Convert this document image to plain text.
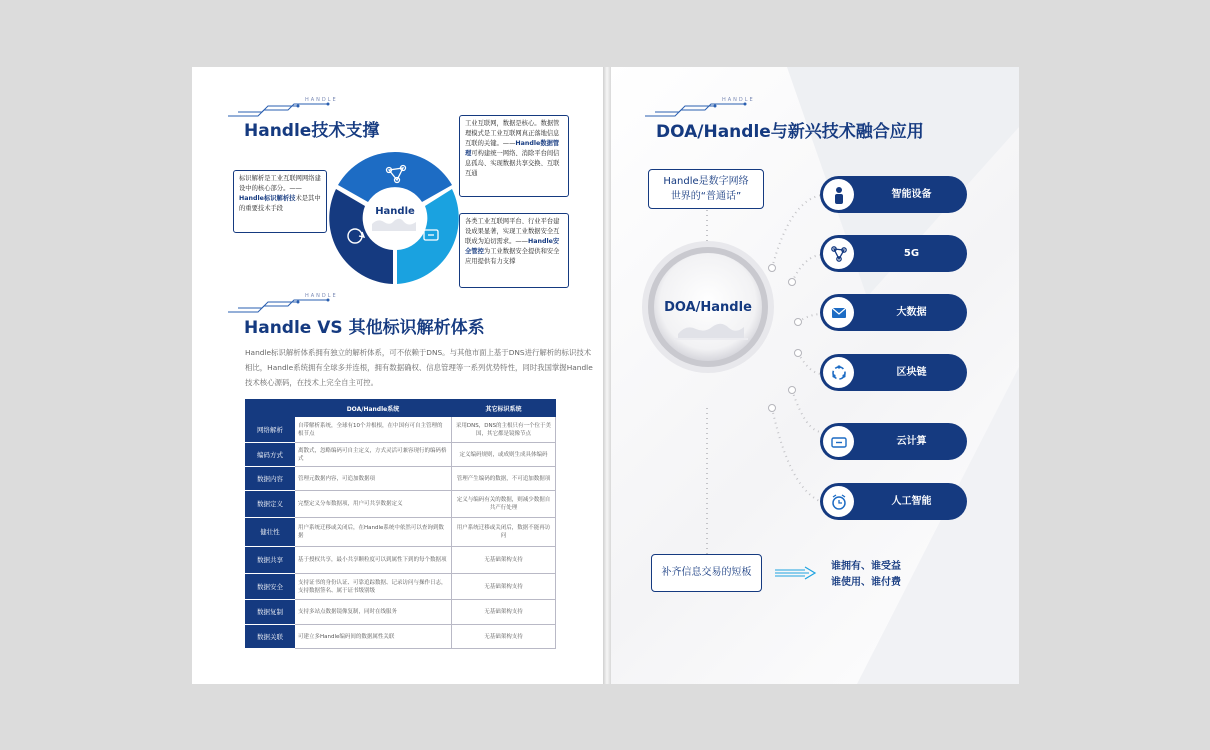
HANDLE
Handle技术支撑
标识解析是工业互联网网络建设中的核心部分。——Handle标识解析技术是其中的重要技术手段
工业互联网，数据是核心。数据管理模式是工业互联网真正落地信息互联的关键。——Handle数据管理可构建统一网络、消除平台间信息孤岛、实现数据共享交换、互联互通
各类工业互联网平台、行业平台建设成果显著，实现工业数据安全互联成为迫切需求。——Handle安全管控为工业数据安全提供和安全应用提供有力支撑
Handle
HANDLE
Handle VS 其他标识解析体系
Handle标识解析体系拥有独立的解析体系，可不依赖于DNS。与其他市面上基于DNS进行解析的标识技术相比，Handle系统拥有全球多并连根，拥有数据确权、信息管理等一系列优势特性，同时我国掌握Handle技术核心源码，在技术上完全自主可控。
	DOA/Handle系统	其它标识系统
网络解析	自带解析系统，全球有10个并根根，在中国有可自主管理的根节点	采用DNS，DNS的主根只有一个位于美国，其它都是镜像节点
编码方式	离散式，忽略编码可自主定义，方式灵活可兼容现行的编码格式	定义编码规则，或成则生成具体编码
数据内容	管理元数据内容，可追加数据项	管理产生编码的数据，不可追加数据项
数据定义	完整定义分布数据项，用户可共享数据定义	定义与编码有关的数据，则减少数据自共产行处理
健壮性	用户系统迁移或关闭后，在Handle系统中依然可以查询到数据	用户系统迁移或关闭后，数据不能再访问
数据共享	基于授权共享，最小共享颗粒度可以到属性下到的每个数据项	无基础架构支持
数据安全	支持证书的身份认证、可靠追踪数据、记录访问与操作日志，支持数据签名、属于证书级别级	无基础架构支持
数据复制	支持多站点数据镜像复制，同时在线服务	无基础架构支持
数据关联	可建立多Handle编码间的数据属性关联	无基础架构支持
HANDLE
DOA/Handle与新兴技术融合应用
DOA/Handle
Handle是数字网络
世界的“普通话”	智能设备
5G
大数据
区块链
云计算
人工智能
补齐信息交易的短板
谁拥有、谁受益
谁使用、谁付费
